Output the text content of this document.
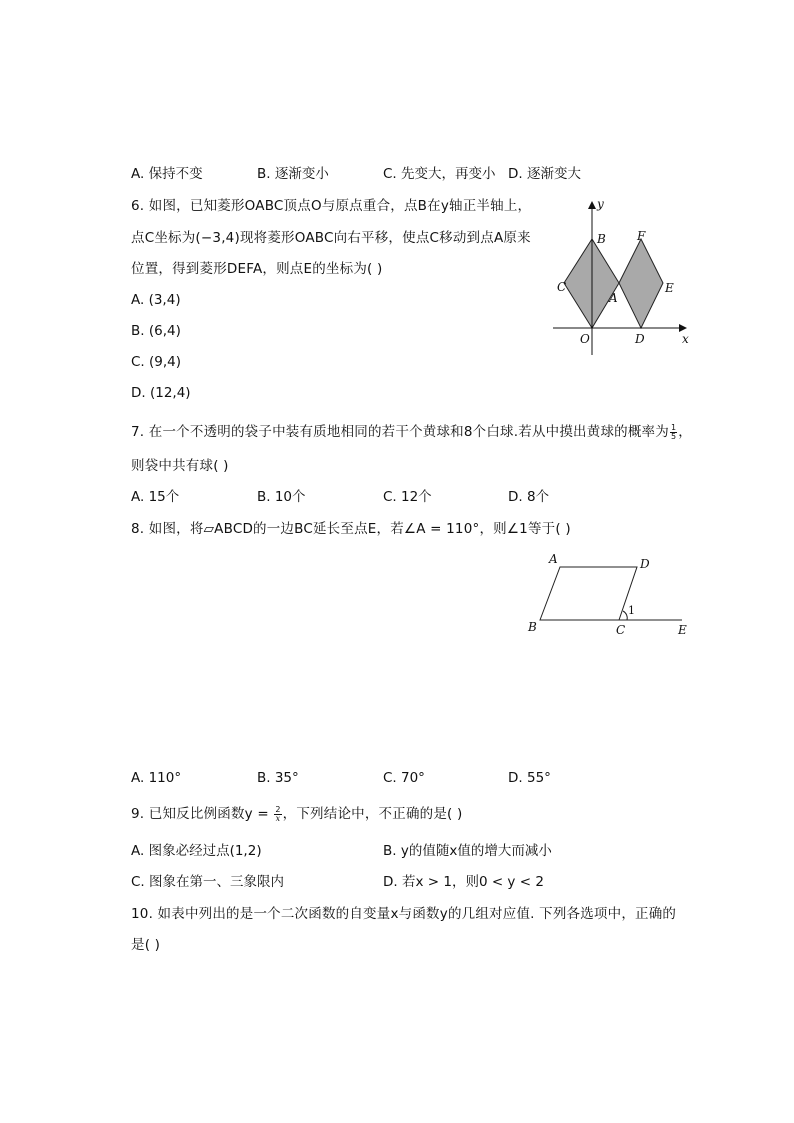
A. 保持不变	B. 逐渐变小	C. 先变大，再变小 D. 逐渐变大
6. 如图，已知菱形OABC顶点O与原点重合，点B在y轴正半轴上，
点C坐标为(−3,4)现将菱形OABC向右平移，使点C移动到点A原来
位置，得到菱形DEFA，则点E的坐标为( )
A. (3,4)
B. (6,4)
C. (9,4)
D. (12,4)
y
B	F
C
A
E
O	D	x
7. 在一个不透明的袋子中装有质地相同的若干个黄球和8个白球.若从中摸出黄球的概率为 $\frac{1}{5}$ ，
则袋中共有球( )
A. 15个	B. 10个	C. 12个	D. 8个
8. 如图，将▱ABCD的一边BC延长至点E，若∠A = 110°，则∠1等于( )
A	D
B	C	E
1
A. 110°	B. 35°	C. 70°	D. 55°
9. 已知反比例函数$y = \frac{2}{x}$ ，下列结论中，不正确的是( )
A. 图象必经过点(1,2)	B. y的值随x值的增大而减小
C. 图象在第一、三象限内	D. 若x > 1，则0 < y < 2
10. 如表中列出的是一个二次函数的自变量x与函数y的几组对应值. 下列各选项中，正确的
是( )
